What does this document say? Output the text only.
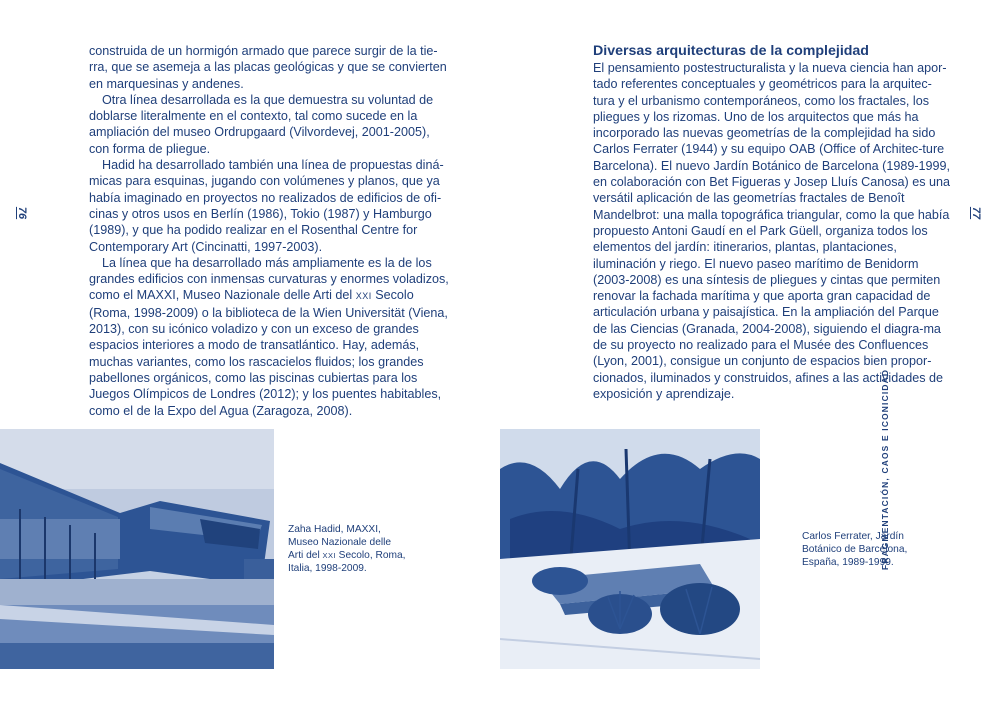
76

construida de un hormigón armado que parece surgir de la tie-rra, que se asemeja a las placas geológicas y que se convierten en marquesinas y andenes.

Otra línea desarrollada es la que demuestra su voluntad de doblarse literalmente en el contexto, tal como sucede en la ampliación del museo Ordrupgaard (Vilvordevej, 2001-2005), con forma de pliegue.

Hadid ha desarrollado también una línea de propuestas diná-micas para esquinas, jugando con volúmenes y planos, que ya había imaginado en proyectos no realizados de edificios de ofi-cinas y otros usos en Berlín (1986), Tokio (1987) y Hamburgo (1989), y que ha podido realizar en el Rosenthal Centre for Contemporary Art (Cincinatti, 1997-2003).

La línea que ha desarrollado más ampliamente es la de los grandes edificios con inmensas curvaturas y enormes voladizos, como el MAXXI, Museo Nazionale delle Arti del XXI Secolo (Roma, 1998-2009) o la biblioteca de la Wien Universität (Viena, 2013), con su icónico voladizo y con un exceso de grandes espacios interiores a modo de transatlántico. Hay, además, muchas variantes, como los rascacielos fluidos; los grandes pabellones orgánicos, como las piscinas cubiertas para los Juegos Olímpicos de Londres (2012); y los puentes habitables, como el de la Expo del Agua (Zaragoza, 2008).

Zaha Hadid, MAXXI, Museo Nazionale delle Arti del XXI Secolo, Roma, Italia, 1998-2009.
77
Diversas arquitecturas de la complejidad

El pensamiento postestructuralista y la nueva ciencia han apor-tado referentes conceptuales y geométricos para la arquitec-tura y el urbanismo contemporáneos, como los fractales, los pliegues y los rizomas. Uno de los arquitectos que más ha incorporado las nuevas geometrías de la complejidad ha sido Carlos Ferrater (1944) y su equipo OAB (Office of Architec-ture Barcelona). El nuevo Jardín Botánico de Barcelona (1989-1999, en colaboración con Bet Figueras y Josep Lluís Canosa) es una versátil aplicación de las geometrías fractales de Benoît Mandelbrot: una malla topográfica triangular, como la que había propuesto Antoni Gaudí en el Park Güell, organiza todos los elementos del jardín: itinerarios, plantas, plantaciones, iluminación y riego. El nuevo paseo marítimo de Benidorm (2003-2008) es una síntesis de pliegues y cintas que permiten renovar la fachada marítima y que aporta gran capacidad de articulación urbana y paisajística. En la ampliación del Parque de las Ciencias (Granada, 2004-2008), siguiendo el diagra-ma de su proyecto no realizado para el Musée des Confluences (Lyon, 2001), consigue un conjunto de espacios bien propor-cionados, iluminados y construidos, afines a las actividades de exposición y aprendizaje.

Carlos Ferrater, Jardín Botánico de Barcelona, España, 1989-1999.
FRAGMENTACIÓN, CAOS E ICONICIDAD
